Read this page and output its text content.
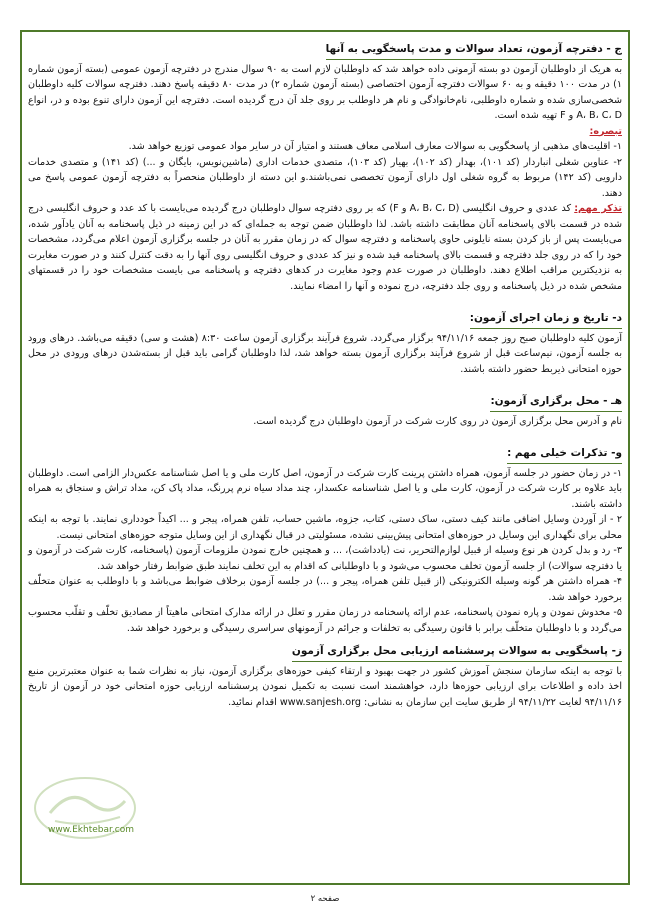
ج - دفترچه آزمون، تعداد سوالات و مدت پاسخگویی به آنها

به هریک از داوطلبان آزمون دو بسته آزمونی داده خواهد شد که داوطلبان لازم است به ۹۰ سوال مندرج در دفترچه آزمون عمومی (بسته آزمون شماره ۱) در مدت ۱۰۰ دقیقه و به ۶۰ سوالات دفترچه آزمون اختصاصی (بسته آزمون شماره ۲) در مدت ۸۰ دقیقه پاسخ دهند. دفترچه سوالات کلیه داوطلبان شخصی‌سازی شده و شماره داوطلبی، نام‌خانوادگی و نام هر داوطلب بر روی جلد آن درج گردیده است. دفترچه این آزمون دارای تنوع بوده و در، انواع A، B، C، D و F تهیه شده است.

تبصره:

۱- اقلیت‌های مذهبی از پاسخگویی به سوالات معارف اسلامی معاف هستند و امتیاز آن در سایر مواد عمومی توزیع خواهد شد.

۲- عناوین شغلی انباردار (کد ۱۰۱)، بهدار (کد ۱۰۲)، بهیار (کد ۱۰۳)، متصدی خدمات اداری (ماشین‌نویس، بایگان و ...) (کد ۱۴۱) و متصدی خدمات دارویی (کد ۱۴۲) مربوط به گروه شغلی اول دارای آزمون تخصصی نمی‌باشند.و این دسته از داوطلبان منحصراً به دفترچه آزمون عمومی پاسخ می دهند.

تذکر مهم: کد عددی و حروف انگلیسی (A، B، C، D و F) که بر روی دفترچه سوال داوطلبان درج گردیده می‌بایست با کد عدد و حروف انگلیسی درج شده در قسمت بالای پاسخنامه آنان مطابقت داشته باشد. لذا داوطلبان ضمن توجه به جمله‌ای که در این زمینه در ذیل پاسخنامه به آنان یادآور شده، می‌بایست پس از باز کردن بسته نایلونی حاوی پاسخنامه و دفترچه سوال که در زمان مقرر به آنان در جلسه برگزاری آزمون اعلام می‌گردد، مشخصات خود را که در روی جلد دفترچه و قسمت بالای پاسخنامه قید شده و نیز کد عددی و حروف انگلیسی روی آنها را به دقت کنترل کنند و در صورت مغایرت به نزدیکترین مراقب اطلاع دهند. داوطلبان در صورت عدم وجود مغایرت در کدهای دفترچه و پاسخنامه می بایست مشخصات خود را در قسمتهای مشخص شده در ذیل پاسخنامه و روی جلد دفترچه، درج نموده و آنها را امضاء نمایند.

د- تاریخ و زمان اجرای آزمون:

آزمون کلیه داوطلبان صبح روز جمعه ۹۴/۱۱/۱۶ برگزار می‌گردد. شروع فرآیند برگزاری آزمون ساعت ۸:۳۰ (هشت و سی) دقیقه می‌باشد. درهای ورود به جلسه آزمون، نیم‌ساعت قبل از شروع فرآیند برگزاری آزمون بسته خواهد شد، لذا داوطلبان گرامی باید قبل از بسته‌شدن درهای ورودی در محل حوزه امتحانی ذیربط حضور داشته باشند.

هـ - محل برگزاری آزمون:

نام و آدرس محل برگزاری آزمون در روی کارت شرکت در آزمون داوطلبان درج گردیده است.

و- تذکرات خیلی مهم :

۱- در زمان حضور در جلسه آزمون، همراه داشتن پرینت کارت شرکت در آزمون، اصل کارت ملی و یا اصل شناسنامه عکس‌دار الزامی است. داوطلبان باید علاوه بر کارت شرکت در آزمون، کارت ملی و یا اصل شناسنامه عکسدار، چند مداد سیاه نرم پررنگ، مداد پاک کن، مداد تراش و سنجاق به همراه داشته باشند.

۲ - از آوردن وسایل اضافی مانند کیف دستی، ساک دستی، کتاب، جزوه، ماشین حساب، تلفن همراه، پیجر و ... اکیداً خودداری نمایند. با توجه به اینکه محلی برای نگهداری این وسایل در حوزه‌های امتحانی پیش‌بینی نشده، مسئولیتی در قبال نگهداری از این وسایل متوجه حوزه‌های امتحانی نیست.

۳- رد و بدل کردن هر نوع وسیله از قبیل لوازم‌التحریر، نت (یادداشت)، ... و همچنین خارج نمودن ملزومات آزمون (پاسخنامه، کارت شرکت در آزمون و یا دفترچه سوالات) از جلسه آزمون تخلف محسوب می‌شود و با داوطلبانی که اقدام به این تخلف نمایند طبق ضوابط رفتار خواهد شد.

۴- همراه داشتن هر گونه وسیله الکترونیکی (از قبیل تلفن همراه، پیجر و ...) در جلسه آزمون برخلاف ضوابط می‌باشد و با داوطلب به عنوان متخلّف برخورد خواهد شد.

۵- مخدوش نمودن و پاره نمودن پاسخنامه، عدم ارائه پاسخنامه در زمان مقرر و تعلل در ارائه مدارک امتحانی ماهیتاً از مصادیق تخلّف و تقلّب محسوب می‌گردد و با داوطلبان متخلّف برابر با قانون رسیدگی به تخلفات و جرائم در آزمونهای سراسری رسیدگی و برخورد خواهد شد.

ز- پاسخگویی به سوالات پرسشنامه ارزیابی محل برگزاری آزمون

با توجه به اینکه سازمان سنجش آموزش کشور در جهت بهبود و ارتقاء کیفی حوزه‌های برگزاری آزمون، نیاز به نظرات شما به عنوان معتبرترین منبع اخذ داده و اطلاعات برای ارزیابی حوزه‌ها دارد، خواهشمند است نسبت به تکمیل نمودن پرسشنامه ارزیابی حوزه امتحانی خود در آزمون از تاریخ ۹۴/۱۱/۱۶ لغایت ۹۴/۱۱/۲۲ از طریق سایت این سازمان به نشانی: www.sanjesh.org اقدام نمائید.

www.Ekhtebar.com
صفحه ۲
